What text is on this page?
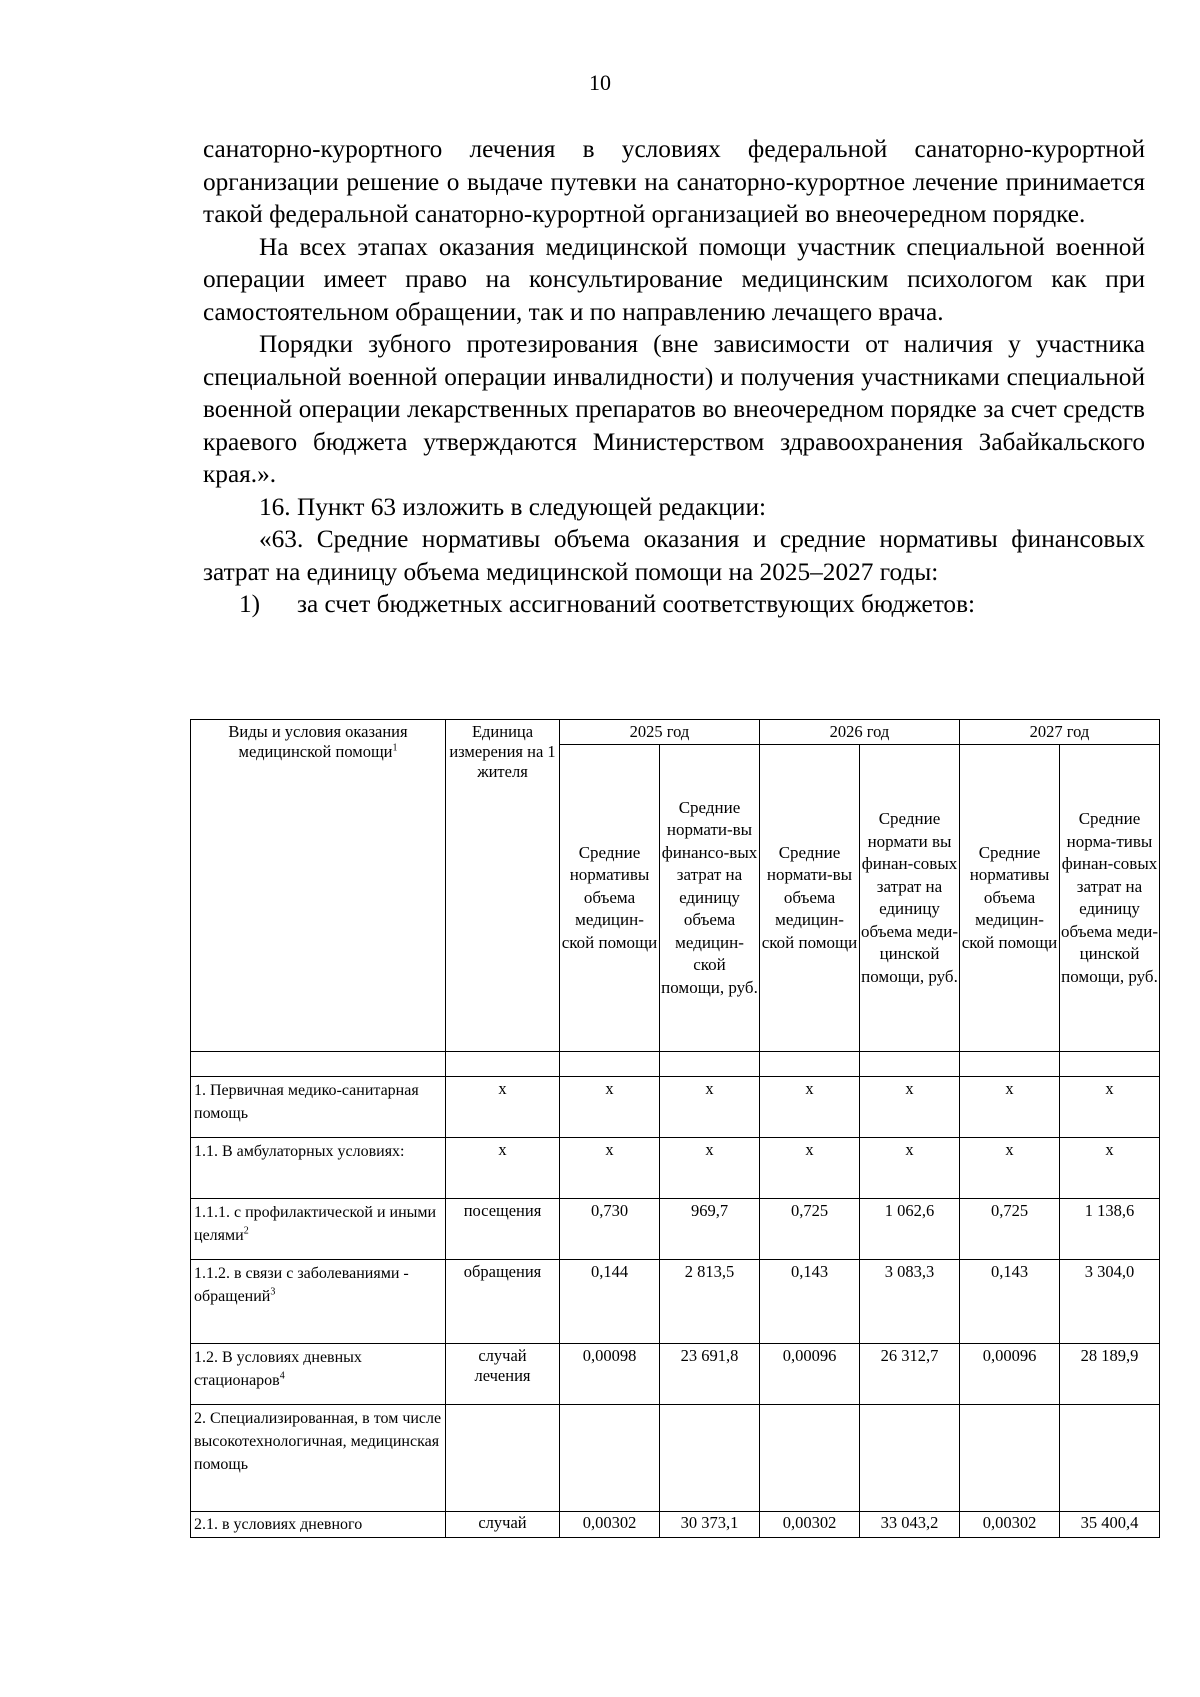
10

санаторно-курортного лечения в условиях федеральной санаторно-курортной организации решение о выдаче путевки на санаторно-курортное лечение принимается такой федеральной санаторно-курортной организацией во внеочередном порядке.

На всех этапах оказания медицинской помощи участник специальной военной операции имеет право на консультирование медицинским психологом как при самостоятельном обращении, так и по направлению лечащего врача.

Порядки зубного протезирования (вне зависимости от наличия у участника специальной военной операции инвалидности) и получения участниками специальной военной операции лекарственных препаратов во внеочередном порядке за счет средств краевого бюджета утверждаются Министерством здравоохранения Забайкальского края.».

16. Пункт 63 изложить в следующей редакции:

«63. Средние нормативы объема оказания и средние нормативы финансовых затрат на единицу объема медицинской помощи на 2025–2027 годы:

1) за счет бюджетных ассигнований соответствующих бюджетов:

Виды и условия оказания медицинской помощи$^1$	Единица измерения на 1 жителя	2025 год		2026 год		2027 год	
		Средние нормативы объема медицин-ской помощи	Средние нормати-вы финансо-вых затрат на единицу объема медицин-ской помощи, руб.	Средние нормати-вы объема медицин-ской помощи	Средние нормати вы финан-совых затрат на единицу объема меди-цинской помощи, руб.	Средние нормативы объема медицин-ской помощи	Средние норма-тивы финан-совых затрат на единицу объема меди-цинской помощи, руб.

1. Первичная медико-санитарная помощь	х	х	х	х	х	х	х
1.1. В амбулаторных условиях:	х	х	х	х	х	х	х
1.1.1. с профилактической и иными целями$^2$	посещения	0,730	969,7	0,725	1 062,6	0,725	1 138,6
1.1.2. в связи с заболеваниями - обращений$^3$	обращения	0,144	2 813,5	0,143	3 083,3	0,143	3 304,0
1.2. В условиях дневных стационаров$^4$	случай лечения	0,00098	23 691,8	0,00096	26 312,7	0,00096	28 189,9
2. Специализированная, в том числе высокотехнологичная, медицинская помощь							
2.1. в условиях дневного	случай	0,00302	30 373,1	0,00302	33 043,2	0,00302	35 400,4
